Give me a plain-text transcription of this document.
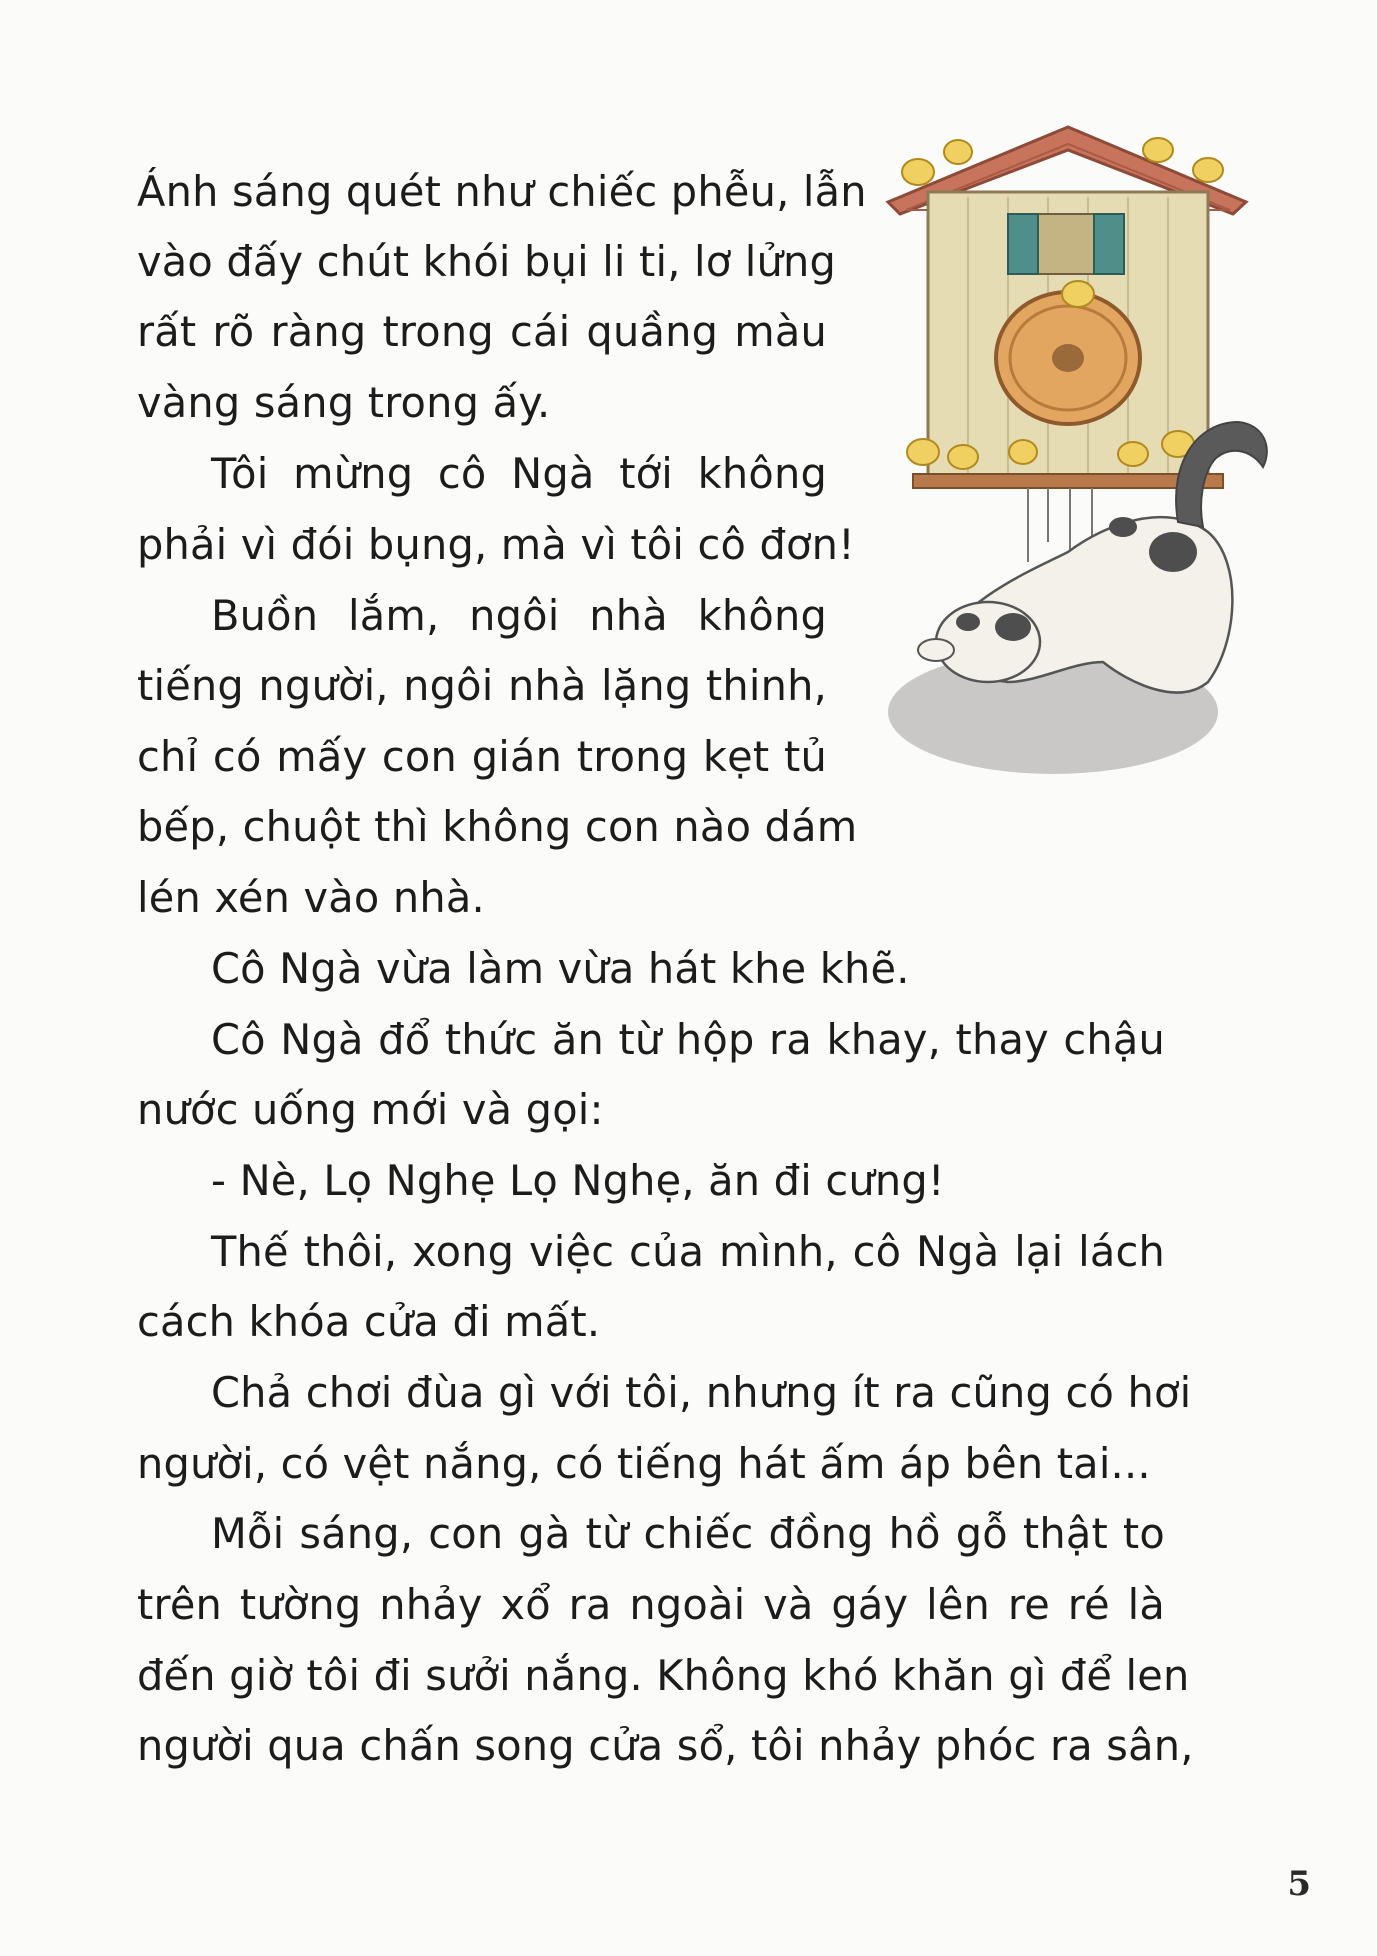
Ánh sáng quét như chiếc phễu, lẫn
vào đấy chút khói bụi li ti, lơ lửng
rất rõ ràng trong cái quầng màu
vàng sáng trong ấy.
Tôi mừng cô Ngà tới không
phải vì đói bụng, mà vì tôi cô đơn!
Buồn lắm, ngôi nhà không
tiếng người, ngôi nhà lặng thinh,
chỉ có mấy con gián trong kẹt tủ
bếp, chuột thì không con nào dám
lén xén vào nhà.
Cô Ngà vừa làm vừa hát khe khẽ.
Cô Ngà đổ thức ăn từ hộp ra khay, thay chậu
nước uống mới và gọi:
- Nè, Lọ Nghẹ Lọ Nghẹ, ăn đi cưng!
Thế thôi, xong việc của mình, cô Ngà lại lách
cách khóa cửa đi mất.
Chả chơi đùa gì với tôi, nhưng ít ra cũng có hơi
người, có vệt nắng, có tiếng hát ấm áp bên tai...
Mỗi sáng, con gà từ chiếc đồng hồ gỗ thật to
trên tường nhảy xổ ra ngoài và gáy lên re ré là
đến giờ tôi đi sưởi nắng. Không khó khăn gì để len
người qua chấn song cửa sổ, tôi nhảy phóc ra sân,
5
